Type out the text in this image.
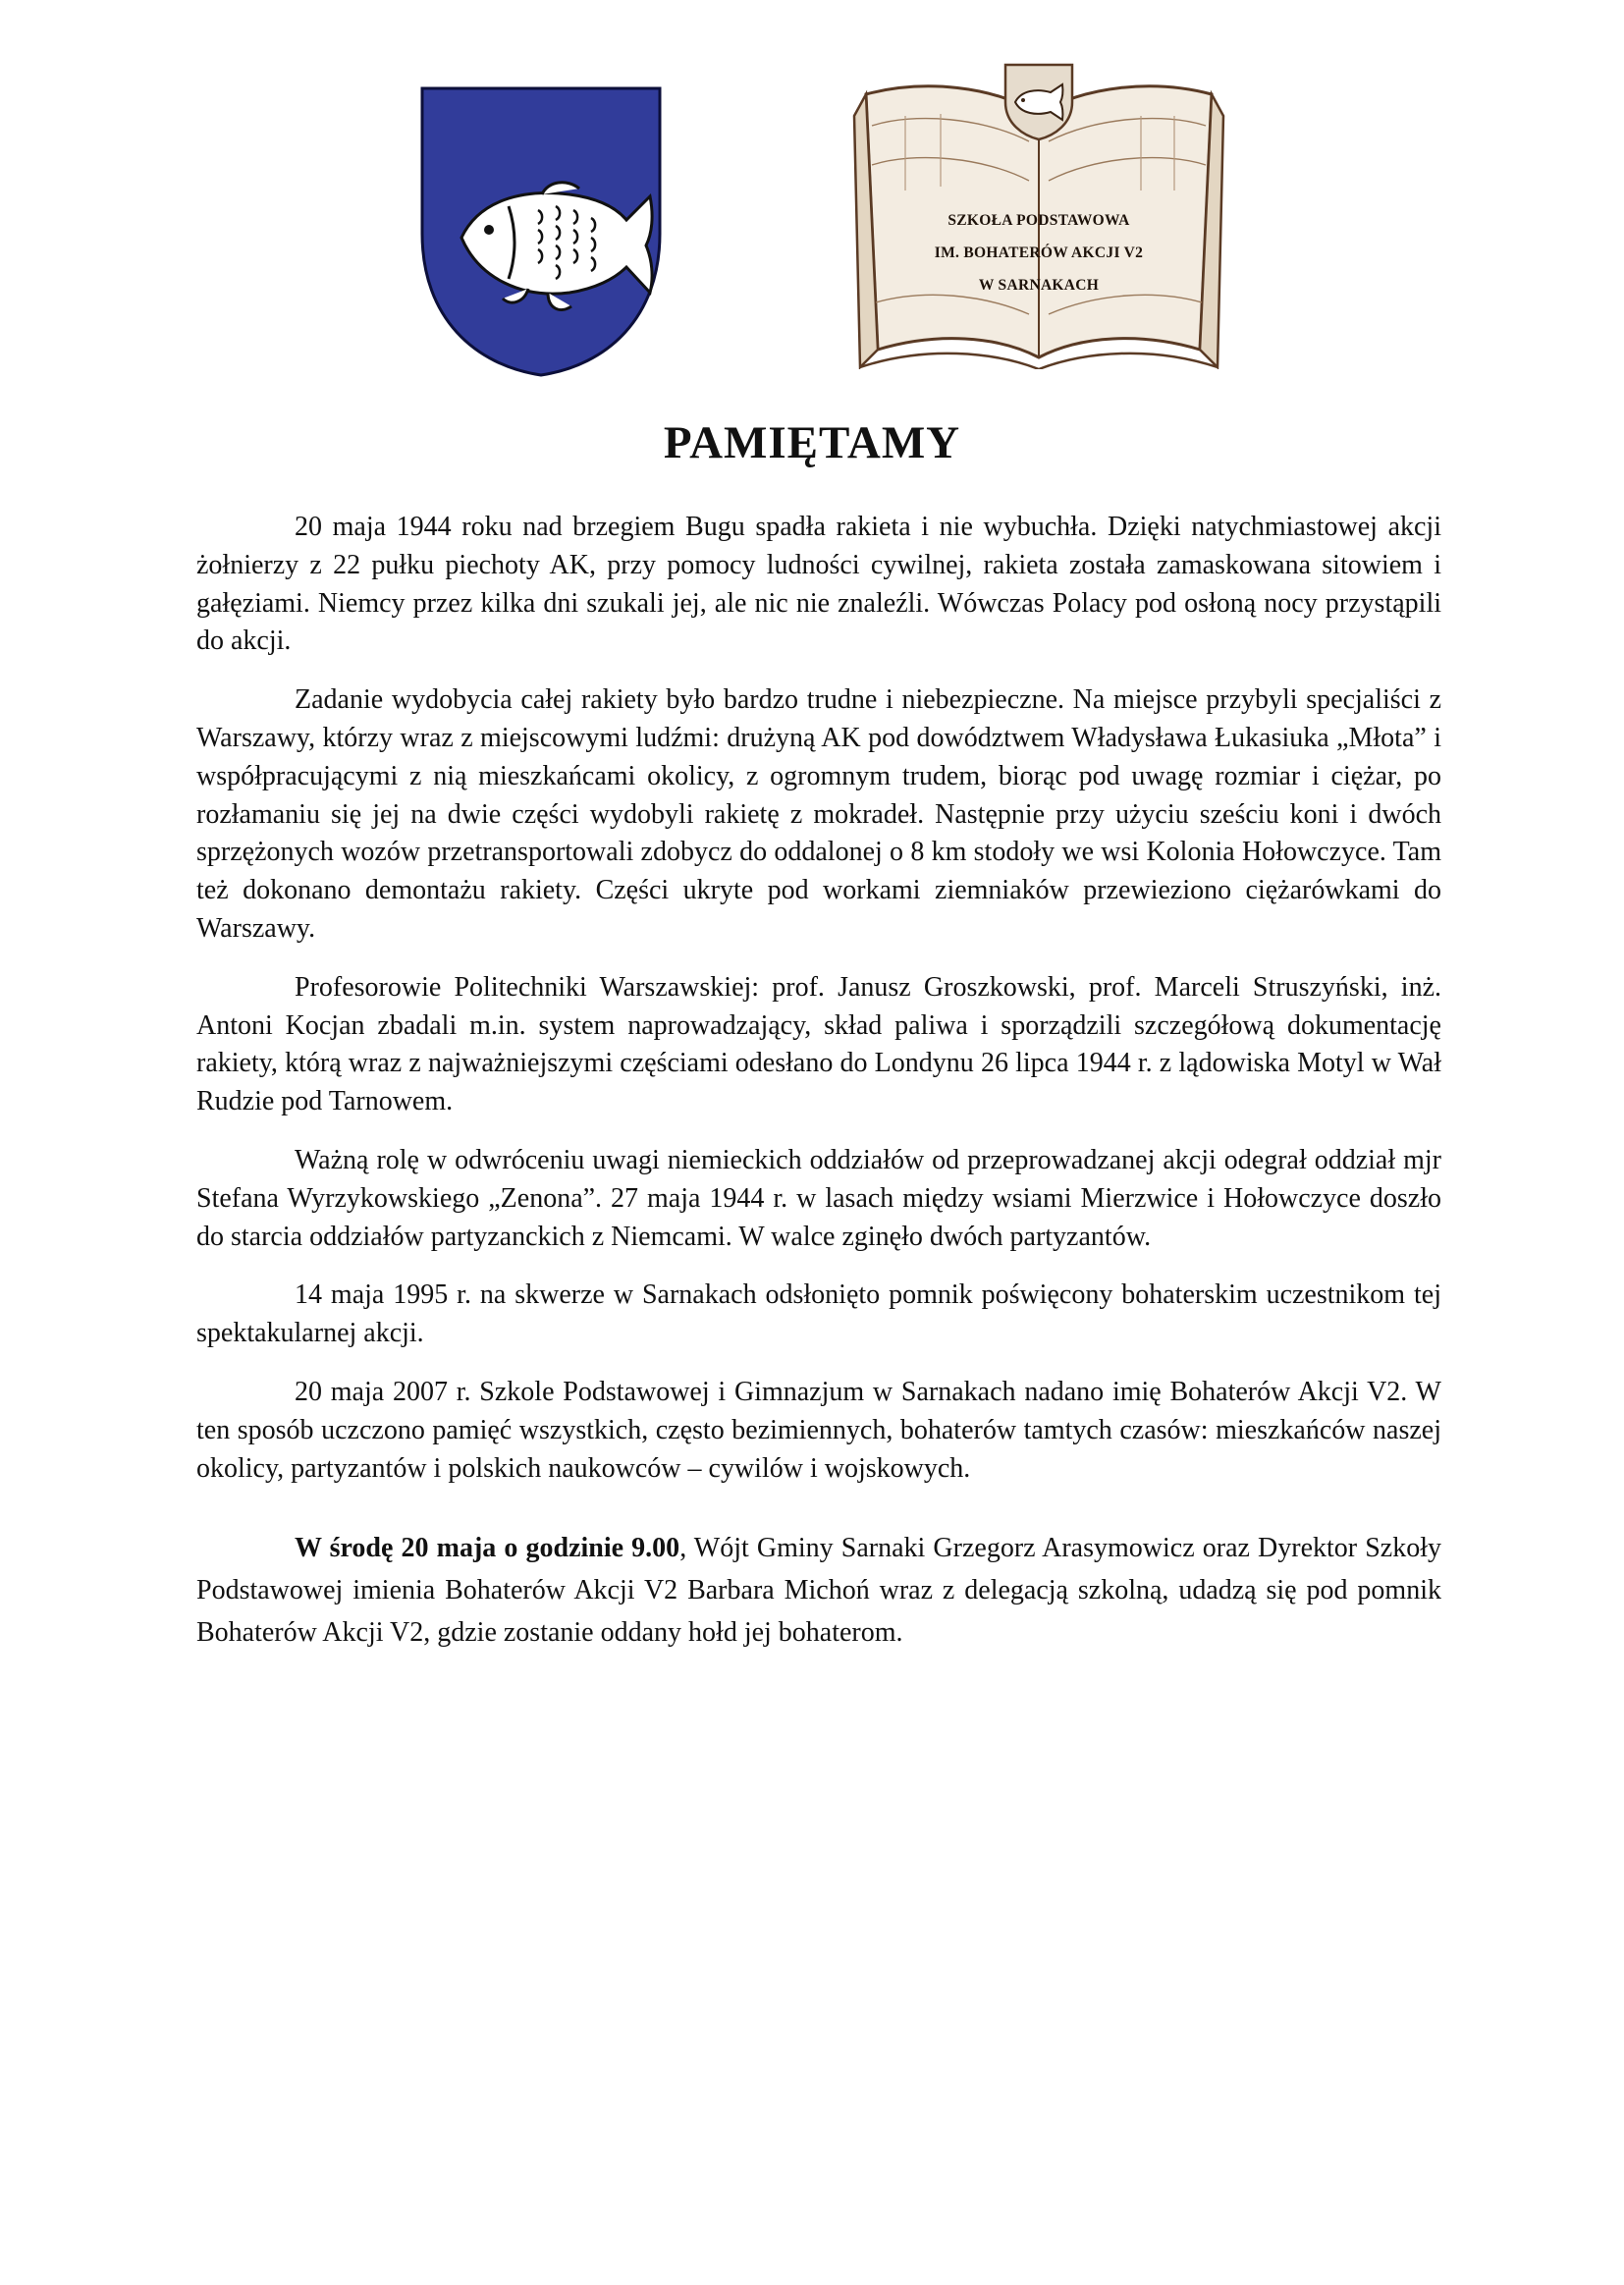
SZKOŁA PODSTAWOWA
IM. BOHATERÓW AKCJI V2
W SARNAKACH
PAMIĘTAMY

20 maja 1944 roku nad brzegiem Bugu spadła rakieta i nie wybuchła. Dzięki natychmiastowej akcji żołnierzy z 22 pułku piechoty AK, przy pomocy ludności cywilnej, rakieta została zamaskowana sitowiem i gałęziami. Niemcy przez kilka dni szukali jej, ale nic nie znaleźli. Wówczas Polacy pod osłoną nocy przystąpili do akcji.

Zadanie wydobycia całej rakiety było bardzo trudne i niebezpieczne. Na miejsce przybyli specjaliści z Warszawy, którzy wraz z miejscowymi ludźmi: drużyną AK pod dowództwem Władysława Łukasiuka „Młota” i współpracującymi z nią mieszkańcami okolicy, z ogromnym trudem, biorąc pod uwagę rozmiar i ciężar, po rozłamaniu się jej na dwie części wydobyli rakietę z mokradeł. Następnie przy użyciu sześciu koni i dwóch sprzężonych wozów przetransportowali zdobycz do oddalonej o 8 km stodoły we wsi Kolonia Hołowczyce. Tam też dokonano demontażu rakiety. Części ukryte pod workami ziemniaków przewieziono ciężarówkami do Warszawy.

Profesorowie Politechniki Warszawskiej: prof. Janusz Groszkowski, prof. Marceli Struszyński, inż. Antoni Kocjan zbadali m.in. system naprowadzający, skład paliwa i sporządzili szczegółową dokumentację rakiety, którą wraz z najważniejszymi częściami odesłano do Londynu 26 lipca 1944 r. z lądowiska Motyl w Wał Rudzie pod Tarnowem.

Ważną rolę w odwróceniu uwagi niemieckich oddziałów od przeprowadzanej akcji odegrał oddział mjr Stefana Wyrzykowskiego „Zenona”. 27 maja 1944 r. w lasach między wsiami Mierzwice i Hołowczyce doszło do starcia oddziałów partyzanckich z Niemcami. W walce zginęło dwóch partyzantów.

14 maja 1995 r. na skwerze w Sarnakach odsłonięto pomnik poświęcony bohaterskim uczestnikom tej spektakularnej akcji.

20 maja 2007 r. Szkole Podstawowej i Gimnazjum w Sarnakach nadano imię Bohaterów Akcji V2. W ten sposób uczczono pamięć wszystkich, często bezimiennych, bohaterów tamtych czasów: mieszkańców naszej okolicy, partyzantów i polskich naukowców – cywilów i wojskowych.

W środę 20 maja o godzinie 9.00, Wójt Gminy Sarnaki Grzegorz Arasymowicz oraz Dyrektor Szkoły Podstawowej imienia Bohaterów Akcji V2 Barbara Michoń wraz z delegacją szkolną, udadzą się pod pomnik Bohaterów Akcji V2, gdzie zostanie oddany hołd jej bohaterom.
